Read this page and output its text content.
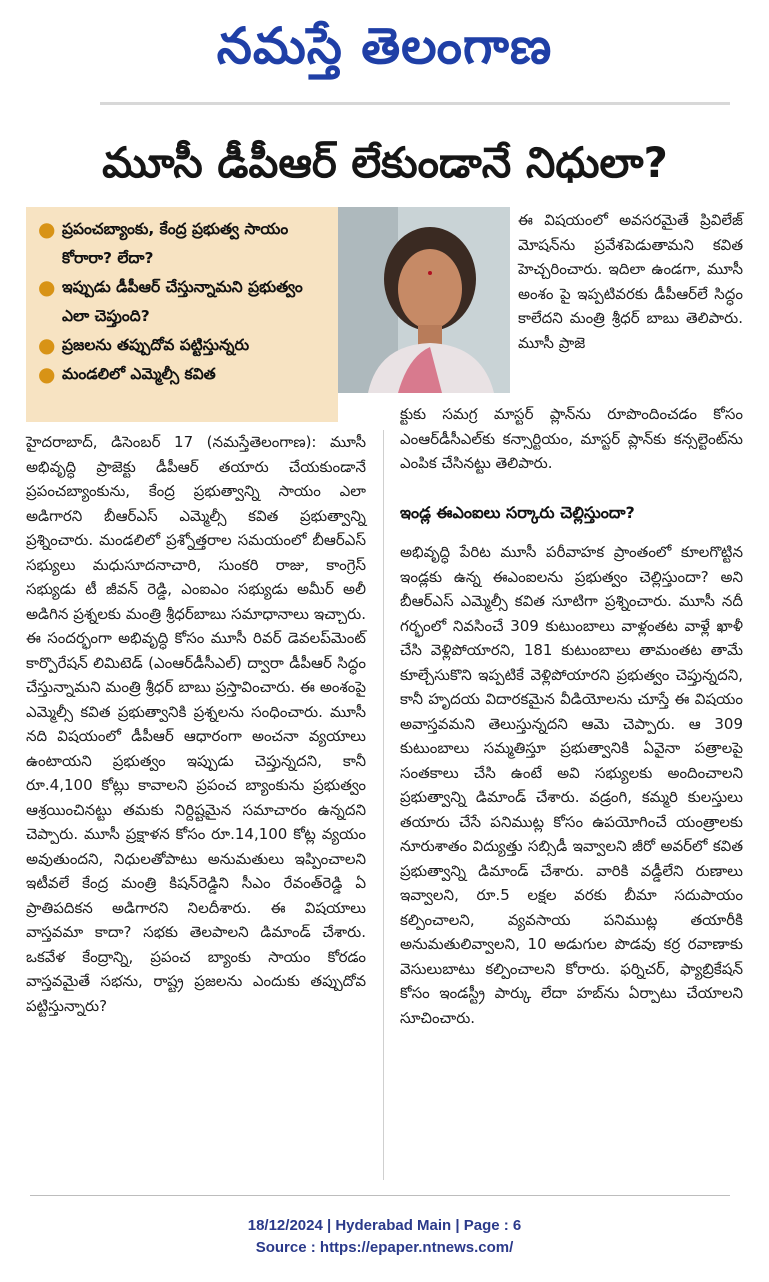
నమస్తే తెలంగాణ
మూసీ డీపీఆర్ లేకుండానే నిధులా?
● ప్రపంచబ్యాంకు, కేంద్ర ప్రభుత్వ సాయం కోరారా? లేదా?
● ఇప్పుడు డీపీఆర్ చేస్తున్నామని ప్రభుత్వం ఎలా చెప్తుంది?
● ప్రజలను తప్పుదోవ పట్టిస్తున్నరు
● మండలిలో ఎమ్మెల్సీ కవిత

ఈ విషయంలో అవసరమైతే ప్రివిలేజ్ మోషన్‌ను ప్రవేశపెడుతామని కవిత హెచ్చరించారు. ఇదిలా ఉండగా, మూసీ అంశం పై ఇప్పటివరకు డీపీఆర్‌లే సిద్ధం కాలేదని మంత్రి శ్రీధర్ బాబు తెలిపారు. మూసీ ప్రాజె

క్టుకు సమగ్ర మాస్టర్ ప్లాన్‌ను రూపొందించడం కోసం ఎంఆర్‌డీసీఎల్‌కు కన్సార్టియం, మాస్టర్ ప్లాన్‌కు కన్సల్టెంట్‌ను ఎంపిక చేసినట్టు తెలిపారు.

హైదరాబాద్, డిసెంబర్ 17 (నమస్తేతెలంగాణ): మూసీ అభివృద్ధి ప్రాజెక్టు డీపీఆర్ తయారు చేయకుండానే ప్రపంచబ్యాంకును, కేంద్ర ప్రభుత్వాన్ని సాయం ఎలా అడిగారని బీఆర్‌ఎస్ ఎమ్మెల్సీ కవిత ప్రభుత్వాన్ని ప్రశ్నించారు. మండలిలో ప్రశ్నోత్తరాల సమయంలో బీఆర్‌ఎస్ సభ్యులు మధుసూదనాచారి, సుంకరి రాజు, కాంగ్రెస్ సభ్యుడు టీ జీవన్ రెడ్డి, ఎంఐఎం సభ్యుడు అమీర్ అలీ అడిగిన ప్రశ్నలకు మంత్రి శ్రీధర్‌బాబు సమాధానాలు ఇచ్చారు. ఈ సందర్భంగా అభివృద్ధి కోసం మూసీ రివర్ డెవలప్‌మెంట్ కార్పొరేషన్ లిమిటెడ్ (ఎంఆర్‌డీసీఎల్) ద్వారా డీపీఆర్ సిద్ధం చేస్తున్నామని మంత్రి శ్రీధర్ బాబు ప్రస్తావించారు. ఈ అంశంపై ఎమ్మెల్సీ కవిత ప్రభుత్వానికి ప్రశ్నలను సంధించారు. మూసీ నది విషయంలో డీపీఆర్ ఆధారంగా అంచనా వ్యయాలు ఉంటాయని ప్రభుత్వం ఇప్పుడు చెప్తున్నదని, కానీ రూ.4,100 కోట్లు కావాలని ప్రపంచ బ్యాంకును ప్రభుత్వం ఆశ్రయించినట్టు తమకు నిర్దిష్టమైన సమాచారం ఉన్నదని చెప్పారు. మూసీ ప్రక్షాళన కోసం రూ.14,100 కోట్ల వ్యయం అవుతుందని, నిధులతోపాటు అనుమతులు ఇప్పించాలని ఇటీవలే కేంద్ర మంత్రి కిషన్‌రెడ్డిని సీఎం రేవంత్‌రెడ్డి ఏ ప్రాతిపదికన అడిగారని నిలదీశారు. ఈ విషయాలు వాస్తవమా కాదా? సభకు తెలపాలని డిమాండ్ చేశారు. ఒకవేళ కేంద్రాన్ని, ప్రపంచ బ్యాంకు సాయం కోరడం వాస్తవమైతే సభను, రాష్ట్ర ప్రజలను ఎందుకు తప్పుదోవ పట్టిస్తున్నారు?

ఇండ్ల ఈఎంఐలు సర్కారు చెల్లిస్తుందా?

అభివృద్ధి పేరిట మూసీ పరీవాహక ప్రాంతంలో కూలగొట్టిన ఇండ్లకు ఉన్న ఈఎంఐలను ప్రభుత్వం చెల్లిస్తుందా? అని బీఆర్‌ఎస్ ఎమ్మెల్సీ కవిత సూటిగా ప్రశ్నించారు. మూసీ నదీ గర్భంలో నివసించే 309 కుటుంబాలు వాళ్లంతట వాళ్లే ఖాళీ చేసి వెళ్లిపోయారని, 181 కుటుంబాలు తామంతట తామే కూల్చేసుకొని ఇప్పటికే వెళ్లిపోయారని ప్రభుత్వం చెప్తున్నదని, కానీ హృదయ విదారకమైన వీడియోలను చూస్తే ఈ విషయం అవాస్తవమని తెలుస్తున్నదని ఆమె చెప్పారు. ఆ 309 కుటుంబాలు సమ్మతిస్తూ ప్రభుత్వానికి ఏవైనా పత్రాలపై సంతకాలు చేసి ఉంటే అవి సభ్యులకు అందించాలని ప్రభుత్వాన్ని డిమాండ్ చేశారు. వడ్రంగి, కమ్మరి కులస్తులు తయారు చేసే పనిముట్ల కోసం ఉపయోగించే యంత్రాలకు నూరుశాతం విద్యుత్తు సబ్సిడీ ఇవ్వాలని జీరో అవర్‌లో కవిత ప్రభుత్వాన్ని డిమాండ్ చేశారు. వారికి వడ్డీలేని రుణాలు ఇవ్వాలని, రూ.5 లక్షల వరకు బీమా సదుపాయం కల్పించాలని, వ్యవసాయ పనిముట్ల తయారీకి అనుమతులివ్వాలని, 10 అడుగుల పొడవు కర్ర రవాణాకు వెసులుబాటు కల్పించాలని కోరారు. ఫర్నిచర్, ఫ్యాబ్రికేషన్ కోసం ఇండస్ట్రీ పార్కు లేదా హబ్‌ను ఏర్పాటు చేయాలని సూచించారు.

18/12/2024 | Hyderabad Main | Page : 6
Source : https://epaper.ntnews.com/
